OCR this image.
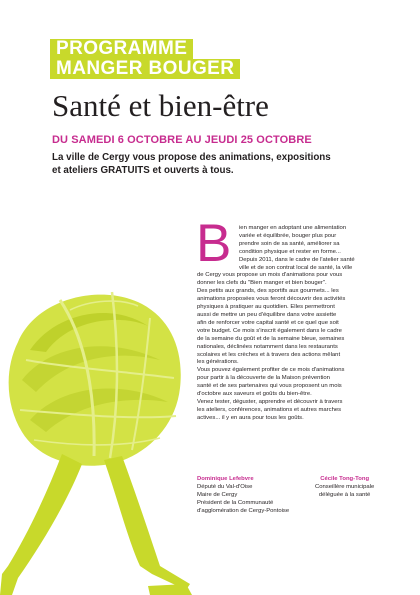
PROGRAMME
MANGER BOUGER
Santé et bien-être
DU SAMEDI 6 OCTOBRE AU JEUDI 25 OCTOBRE
La ville de Cergy vous propose des animations, expositions
et ateliers GRATUITS et ouverts à tous.
B	ien manger en adoptant une alimentation
variée et équilibrée, bouger plus pour
prendre soin de sa santé, améliorer sa
condition physique et rester en forme...
Depuis 2011, dans le cadre de l'atelier santé
ville et de son contrat local de santé, la ville
de Cergy vous propose un mois d'animations pour vous
donner les clefs du "Bien manger et bien bouger".
Des petits aux grands, des sportifs aux gourmets... les
animations proposées vous feront découvrir des activités
physiques à pratiquer au quotidien. Elles permettront
aussi de mettre un peu d'équilibre dans votre assiette
afin de renforcer votre capital santé et ce quel que soit
votre budget. Ce mois s'inscrit également dans le cadre
de la semaine du goût et de la semaine bleue, semaines
nationales, déclinées notamment dans les restaurants
scolaires et les crèches et à travers des actions mêlant
les générations.
Vous pouvez également profiter de ce mois d'animations
pour partir à la découverte de la Maison prévention
santé et de ses partenaires qui vous proposent un mois
d'octobre aux saveurs et goûts du bien-être.
Venez tester, déguster, apprendre et découvrir à travers
les ateliers, conférences, animations et autres marches
actives... il y en aura pour tous les goûts.
Dominique Lefebvre
Député du Val-d'Oise
Maire de Cergy
Président de la Communauté
d'agglomération de Cergy-Pontoise
Cécile Tong-Tong
Conseillère municipale
déléguée à la santé
